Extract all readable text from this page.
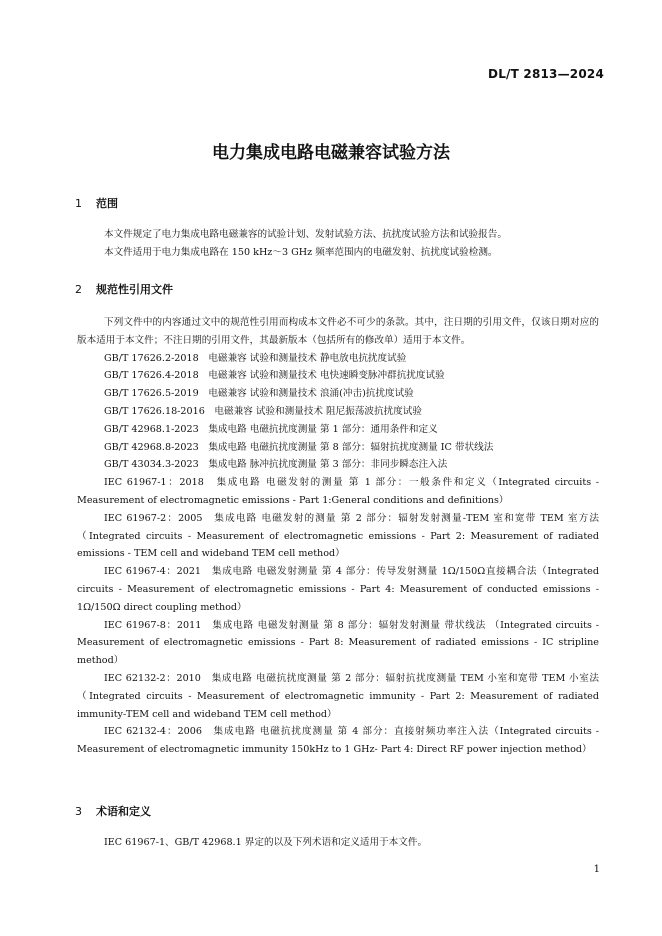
DL/T 2813—2024
电力集成电路电磁兼容试验方法
1 范围

本文件规定了电力集成电路电磁兼容的试验计划、发射试验方法、抗扰度试验方法和试验报告。

本文件适用于电力集成电路在 150 kHz～3 GHz 频率范围内的电磁发射、抗扰度试验检测。

2 规范性引用文件

下列文件中的内容通过文中的规范性引用而构成本文件必不可少的条款。其中，注日期的引用文件，仅该日期对应的版本适用于本文件；不注日期的引用文件，其最新版本（包括所有的修改单）适用于本文件。

GB/T 17626.2-2018　电磁兼容 试验和测量技术 静电放电抗扰度试验

GB/T 17626.4-2018　电磁兼容 试验和测量技术 电快速瞬变脉冲群抗扰度试验

GB/T 17626.5-2019　电磁兼容 试验和测量技术 浪涌(冲击)抗扰度试验

GB/T 17626.18-2016　电磁兼容 试验和测量技术 阻尼振荡波抗扰度试验

GB/T 42968.1-2023　集成电路 电磁抗扰度测量 第 1 部分：通用条件和定义

GB/T 42968.8-2023　集成电路 电磁抗扰度测量 第 8 部分：辐射抗扰度测量 IC 带状线法

GB/T 43034.3-2023　集成电路 脉冲抗扰度测量 第 3 部分：非同步瞬态注入法

IEC 61967-1：2018　集成电路 电磁发射的测量 第 1 部分：一般条件和定义（Integrated circuits - Measurement of electromagnetic emissions - Part 1:General conditions and definitions）

IEC 61967-2：2005　集成电路 电磁发射的测量 第 2 部分：辐射发射测量-TEM 室和宽带 TEM 室方法（Integrated circuits - Measurement of electromagnetic emissions - Part 2: Measurement of radiated emissions - TEM cell and wideband TEM cell method）

IEC 61967-4：2021　集成电路 电磁发射测量 第 4 部分：传导发射测量 1Ω/150Ω直接耦合法（Integrated circuits - Measurement of electromagnetic emissions - Part 4: Measurement of conducted emissions - 1Ω/150Ω direct coupling method）

IEC 61967-8：2011　集成电路 电磁发射测量 第 8 部分：辐射发射测量 带状线法 （Integrated circuits - Measurement of electromagnetic emissions - Part 8: Measurement of radiated emissions - IC stripline method）

IEC 62132-2：2010　集成电路 电磁抗扰度测量 第 2 部分：辐射抗扰度测量 TEM 小室和宽带 TEM 小室法（Integrated circuits - Measurement of electromagnetic immunity - Part 2: Measurement of radiated immunity-TEM cell and wideband TEM cell method）

IEC 62132-4：2006　集成电路 电磁抗扰度测量 第 4 部分：直接射频功率注入法（Integrated circuits - Measurement of electromagnetic immunity 150kHz to 1 GHz- Part 4: Direct RF power injection method）

3 术语和定义

IEC 61967-1、GB/T 42968.1 界定的以及下列术语和定义适用于本文件。

1
